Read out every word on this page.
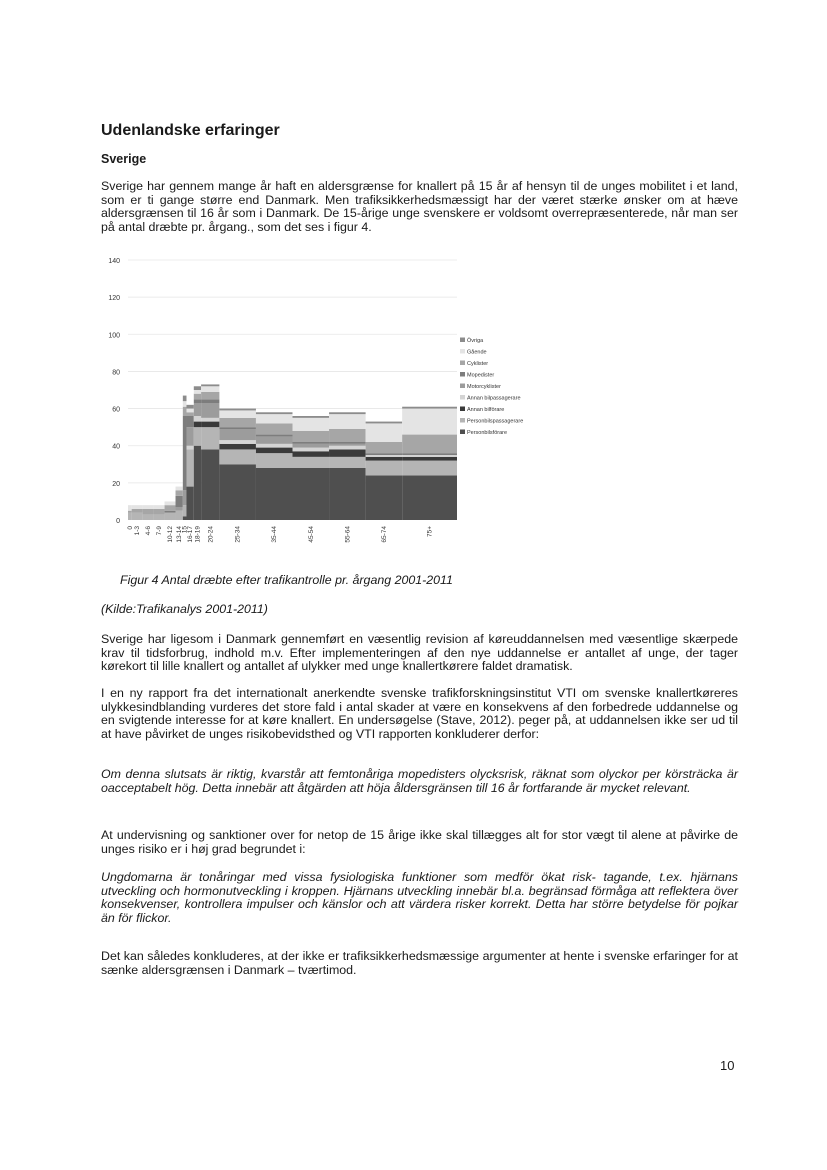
Udenlandske erfaringer
Sverige

Sverige har gennem mange år haft en aldersgrænse for knallert på 15 år af hensyn til de unges mobilitet i et land, som er ti gange større end Danmark. Men trafiksikkerhedsmæssigt har der været stærke ønsker om at hæve aldersgrænsen til 16 år som i Danmark. De 15-årige unge svenskere er voldsomt overrepræsenterede, når man ser på antal dræbte pr. årgang., som det ses i figur 4.

0
20
40
60
80
100
120
140
0 1-3 4-6 7-9 10-12 13-14
15
16-17 18-19 20-24	25-34	35-44	45-54	55-64	65-74	75+
Övriga
Gående
Cyklister
Mopedister
Motorcyklister
Annan bilpassagerare
Annan bilförare
Personbilspassagerare
Personbilsförare
Figur 4 Antal dræbte efter trafikantrolle pr. årgang 2001-2011
(Kilde:Trafikanalys 2001-2011)

Sverige har ligesom i Danmark gennemført en væsentlig revision af køreuddannelsen med væsentlige skærpede krav til tidsforbrug, indhold m.v. Efter implementeringen af den nye uddannelse er antallet af unge, der tager kørekort til lille knallert og antallet af ulykker med unge knallertkørere faldet dramatisk.

I en ny rapport fra det internationalt anerkendte svenske trafikforskningsinstitut VTI om svenske knallertkøreres ulykkesindblanding vurderes det store fald i antal skader at være en konsekvens af den forbedrede uddannelse og en svigtende interesse for at køre knallert. En undersøgelse (Stave, 2012). peger på, at uddannelsen ikke ser ud til at have påvirket de unges risikobevidsthed og VTI rapporten konkluderer derfor:

Om denna slutsats är riktig, kvarstår att femtonåriga mopedisters olycksrisk, räknat som olyckor per körsträcka är oacceptabelt hög. Detta innebär att åtgärden att höja åldersgränsen till 16 år fortfarande är mycket relevant.

At undervisning og sanktioner over for netop de 15 årige ikke skal tillægges alt for stor vægt til alene at påvirke de unges risiko er i høj grad begrundet i:

Ungdomarna är tonåringar med vissa fysiologiska funktioner som medför ökat risk- tagande, t.ex. hjärnans utveckling och hormonutveckling i kroppen. Hjärnans utveckling innebär bl.a. begränsad förmåga att reflektera över konsekvenser, kontrollera impulser och känslor och att värdera risker korrekt. Detta har större betydelse för pojkar än för flickor.

Det kan således konkluderes, at der ikke er trafiksikkerhedsmæssige argumenter at hente i svenske erfaringer for at sænke aldersgrænsen i Danmark – tværtimod.

10
